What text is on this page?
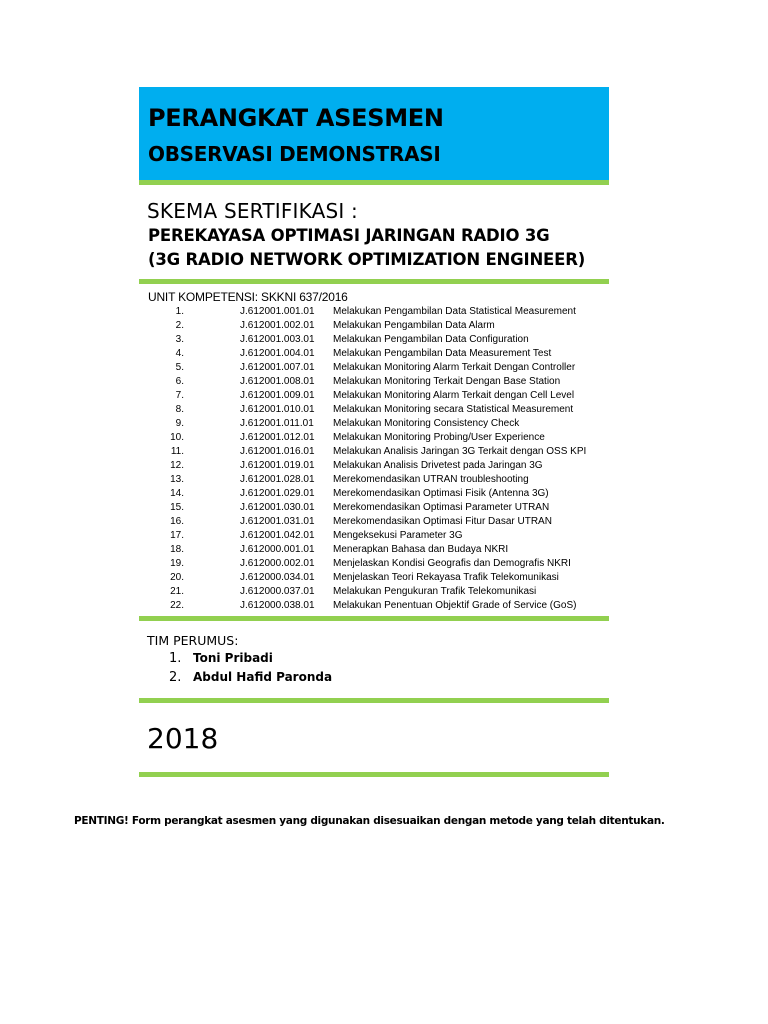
PERANGKAT ASESMEN
OBSERVASI DEMONSTRASI
SKEMA SERTIFIKASI :
PEREKAYASA OPTIMASI JARINGAN RADIO 3G
(3G RADIO NETWORK OPTIMIZATION ENGINEER)
UNIT KOMPETENSI: SKKNI 637/2016
1.	J.612001.001.01 Melakukan Pengambilan Data Statistical Measurement
2.	J.612001.002.01 Melakukan Pengambilan Data Alarm
3.	J.612001.003.01 Melakukan Pengambilan Data Configuration
4.	J.612001.004.01 Melakukan Pengambilan Data Measurement Test
5.	J.612001.007.01 Melakukan Monitoring Alarm Terkait Dengan Controller
6.	J.612001.008.01 Melakukan Monitoring Terkait Dengan Base Station
7.	J.612001.009.01 Melakukan Monitoring Alarm Terkait dengan Cell Level
8.	J.612001.010.01 Melakukan Monitoring secara Statistical Measurement
9.	J.612001.011.01 Melakukan Monitoring Consistency Check
10.	J.612001.012.01 Melakukan Monitoring Probing/User Experience
11.	J.612001.016.01 Melakukan Analisis Jaringan 3G Terkait dengan OSS KPI
12.	J.612001.019.01 Melakukan Analisis Drivetest pada Jaringan 3G
13.	J.612001.028.01 Merekomendasikan UTRAN troubleshooting
14.	J.612001.029.01 Merekomendasikan Optimasi Fisik (Antenna 3G)
15.	J.612001.030.01 Merekomendasikan Optimasi Parameter UTRAN
16.	J.612001.031.01 Merekomendasikan Optimasi Fitur Dasar UTRAN
17.	J.612001.042.01 Mengeksekusi Parameter 3G
18.	J.612000.001.01 Menerapkan Bahasa dan Budaya NKRI
19.	J.612000.002.01 Menjelaskan Kondisi Geografis dan Demografis NKRI
20.	J.612000.034.01 Menjelaskan Teori Rekayasa Trafik Telekomunikasi
21.	J.612000.037.01 Melakukan Pengukuran Trafik Telekomunikasi
22.	J.612000.038.01 Melakukan Penentuan Objektif Grade of Service (GoS)
TIM PERUMUS:
1. Toni Pribadi
2. Abdul Hafid Paronda
2018
PENTING! Form perangkat asesmen yang digunakan disesuaikan dengan metode yang telah ditentukan.
